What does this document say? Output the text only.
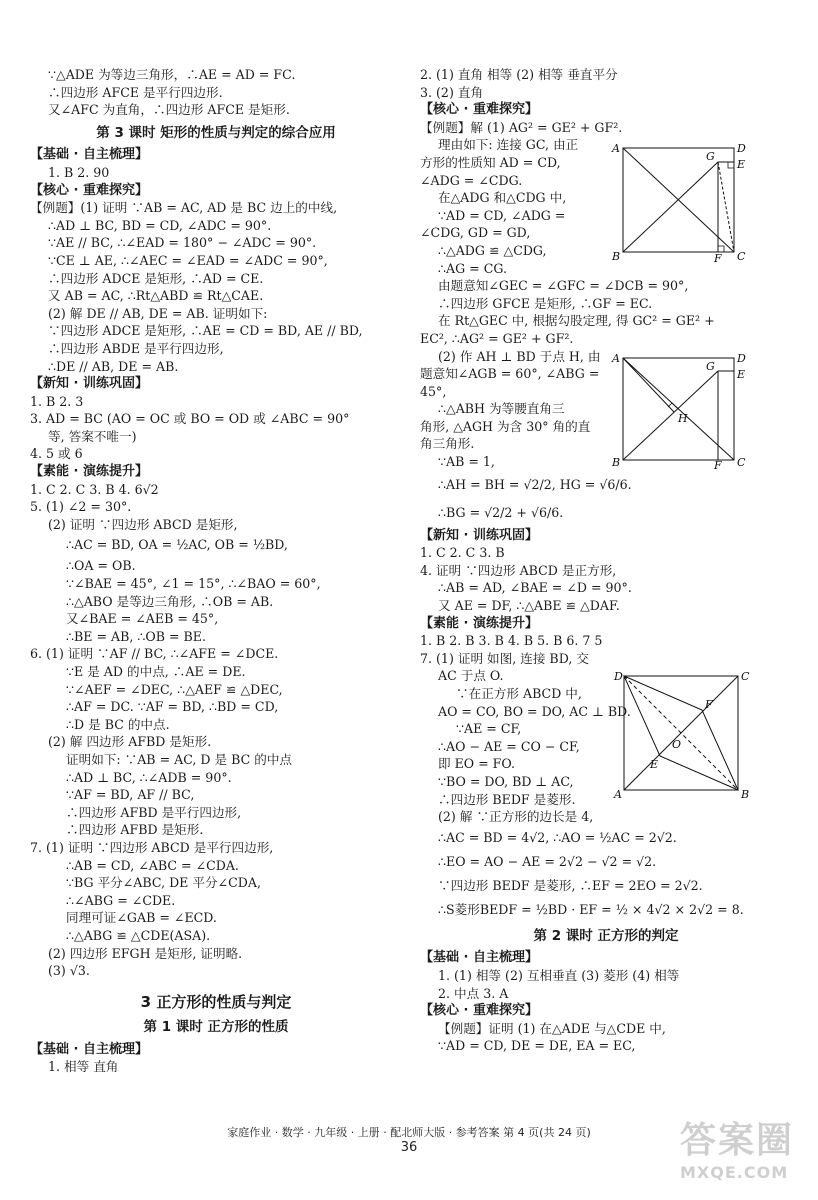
∵△ADE 为等边三角形，∴AE = AD = FC.
∴四边形 AFCE 是平行四边形.
又∠AFC 为直角，∴四边形 AFCE 是矩形.
第 3 课时 矩形的性质与判定的综合应用
【基础 · 自主梳理】
1. B 2. 90
【核心 · 重难探究】
【例题】(1) 证明 ∵AB = AC, AD 是 BC 边上的中线,
∴AD ⊥ BC, BD = CD, ∠ADC = 90°.
∵AE // BC, ∴∠EAD = 180° − ∠ADC = 90°.
∵CE ⊥ AE, ∴∠AEC = ∠EAD = ∠ADC = 90°,
∴四边形 ADCE 是矩形, ∴AD = CE.
又 AB = AC, ∴Rt△ABD ≌ Rt△CAE.
(2) 解 DE // AB, DE = AB. 证明如下:
∵四边形 ADCE 是矩形, ∴AE = CD = BD, AE // BD,
∴四边形 ABDE 是平行四边形,
∴DE // AB, DE = AB.
【新知 · 训练巩固】
1. B 2. 3
3. AD = BC (AO = OC 或 BO = OD 或 ∠ABC = 90°
等, 答案不唯一)
4. 5 或 6
【素能 · 演练提升】
1. C 2. C 3. B 4. 6√2
5. (1) ∠2 = 30°.
(2) 证明 ∵四边形 ABCD 是矩形,
∴AC = BD, OA = ½AC, OB = ½BD,
∴OA = OB.
∵∠BAE = 45°, ∠1 = 15°, ∴∠BAO = 60°,
∴△ABO 是等边三角形, ∴OB = AB.
又∠BAE = ∠AEB = 45°,
∴BE = AB, ∴OB = BE.
6. (1) 证明 ∵AF // BC, ∴∠AFE = ∠DCE.
∵E 是 AD 的中点, ∴AE = DE.
∵∠AEF = ∠DEC, ∴△AEF ≌ △DEC,
∴AF = DC. ∵AF = BD, ∴BD = CD,
∴D 是 BC 的中点.
(2) 解 四边形 AFBD 是矩形.
证明如下: ∵AB = AC, D 是 BC 的中点
∴AD ⊥ BC, ∴∠ADB = 90°.
∵AF = BD, AF // BC,
∴四边形 AFBD 是平行四边形,
∴四边形 AFBD 是矩形.
7. (1) 证明 ∵四边形 ABCD 是平行四边形,
∴AB = CD, ∠ABC = ∠CDA.
∵BG 平分∠ABC, DE 平分∠CDA,
∴∠ABG = ∠CDE.
同理可证∠GAB = ∠ECD.
∴△ABG ≌ △CDE(ASA).
(2) 四边形 EFGH 是矩形, 证明略.
(3) √3.
3 正方形的性质与判定
第 1 课时 正方形的性质
【基础 · 自主梳理】
1. 相等 直角
2. (1) 直角 相等 (2) 相等 垂直平分
3. (2) 直角
【核心 · 重难探究】
【例题】解 (1) AG² = GE² + GF².
理由如下: 连接 GC, 由正
方形的性质知 AD = CD,
∠ADG = ∠CDG.
在△ADG 和△CDG 中,
∵AD = CD, ∠ADG =
∠CDG, GD = GD,
∴△ADG ≌ △CDG,
∴AG = CG.
由题意知∠GEC = ∠GFC = ∠DCB = 90°,
∴四边形 GFCE 是矩形, ∴GF = EC.
在 Rt△GEC 中, 根据勾股定理, 得 GC² = GE² +
EC², ∴AG² = GE² + GF².
(2) 作 AH ⊥ BD 于点 H, 由
题意知∠AGB = 60°, ∠ABG =
45°,
∴△ABH 为等腰直角三
角形, △AGH 为含 30° 角的直
角三角形.
∵AB = 1,
∴AH = BH = √2/2, HG = √6/6.
∴BG = √2/2 + √6/6.
【新知 · 训练巩固】
1. C 2. C 3. B
4. 证明 ∵四边形 ABCD 是正方形,
∴AB = AD, ∠BAE = ∠D = 90°.
又 AE = DF, ∴△ABE ≌ △DAF.
【素能 · 演练提升】
1. B 2. B 3. B 4. B 5. B 6. 7 5
7. (1) 证明 如图, 连接 BD, 交
AC 于点 O.
∵在正方形 ABCD 中,
AO = CO, BO = DO, AC ⊥ BD.
∵AE = CF,
∴AO − AE = CO − CF,
即 EO = FO.
∵BO = DO, BD ⊥ AC,
∴四边形 BEDF 是菱形.
(2) 解 ∵正方形的边长是 4,
∴AC = BD = 4√2, ∴AO = ½AC = 2√2.
∴EO = AO − AE = 2√2 − √2 = √2.
∵四边形 BEDF 是菱形, ∴EF = 2EO = 2√2.
∴S菱形BEDF = ½BD · EF = ½ × 4√2 × 2√2 = 8.
第 2 课时 正方形的判定
【基础 · 自主梳理】
1. (1) 相等 (2) 互相垂直 (3) 菱形 (4) 相等
2. 中点 3. A
【核心 · 重难探究】
【例题】证明 (1) 在△ADE 与△CDE 中,
∵AD = CD, DE = DE, EA = EC,
A	D
G
E
B	F C
A	D
G
E
H
B	F C
D	C
F
O
E
A	B
家庭作业 · 数学 · 九年级 · 上册 · 配北师大版 · 参考答案 第 4 页(共 24 页)
36	答案圈
MXQE.COM
